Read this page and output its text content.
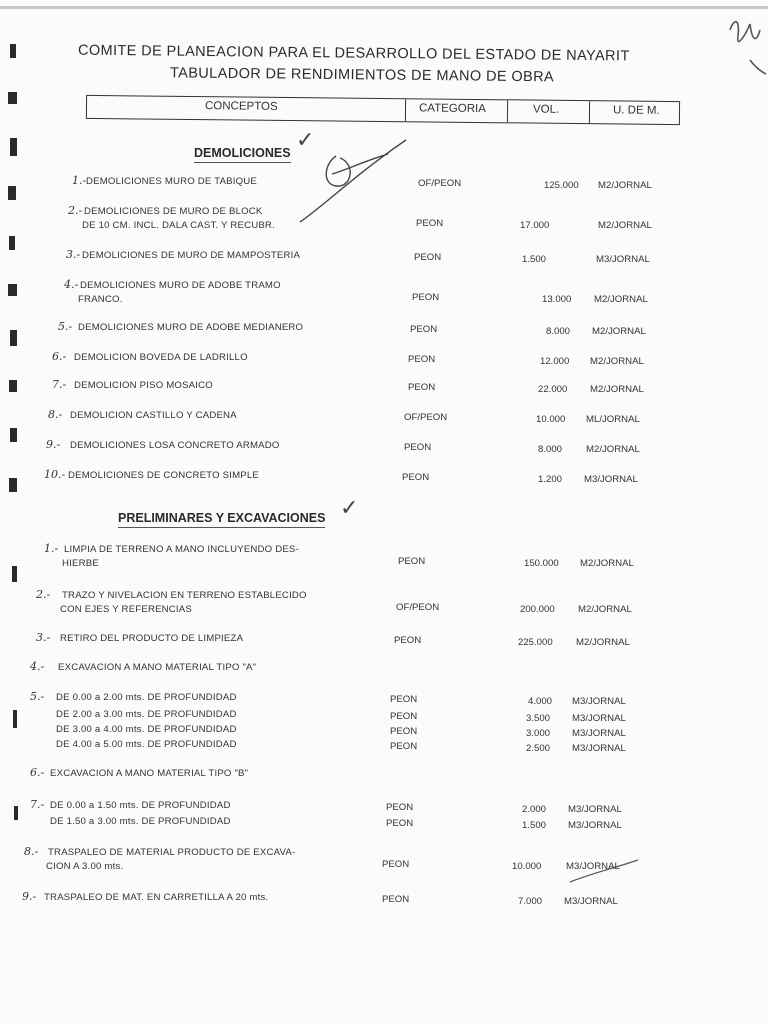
COMITE DE PLANEACION PARA EL DESARROLLO DEL ESTADO DE NAYARIT
TABULADOR DE RENDIMIENTOS DE MANO DE OBRA
CONCEPTOS	CATEGORIA	VOL.	U. DE M.
DEMOLICIONES ✓
PRELIMINARES Y EXCAVACIONES ✓
1.- DEMOLICIONES MURO DE TABIQUE	OF/PEON	125.000 M2/JORNAL
2.- DEMOLICIONES DE MURO DE BLOCK
DE 10 CM. INCL. DALA CAST. Y RECUBR.	PEON	17.000	M2/JORNAL
3.- DEMOLICIONES DE MURO DE MAMPOSTERIA	PEON	1.500	M3/JORNAL
4.- DEMOLICIONES MURO DE ADOBE TRAMO
FRANCO.	PEON	13.000 M2/JORNAL
5.- DEMOLICIONES MURO DE ADOBE MEDIANERO	PEON	8.000 M2/JORNAL
6.- DEMOLICION BOVEDA DE LADRILLO	PEON	12.000 M2/JORNAL
7.- DEMOLICION PISO MOSAICO	PEON	22.000 M2/JORNAL
8.- DEMOLICION CASTILLO Y CADENA	OF/PEON	10.000 ML/JORNAL
9.- DEMOLICIONES LOSA CONCRETO ARMADO	PEON	8.000 M2/JORNAL
10.- DEMOLICIONES DE CONCRETO SIMPLE	PEON	1.200 M3/JORNAL
1.- LIMPIA DE TERRENO A MANO INCLUYENDO DES-
HIERBE	PEON	150.000 M2/JORNAL
2.- TRAZO Y NIVELACION EN TERRENO ESTABLECIDO
CON EJES Y REFERENCIAS	OF/PEON	200.000 M2/JORNAL
3.- RETIRO DEL PRODUCTO DE LIMPIEZA	PEON	225.000 M2/JORNAL
4.- EXCAVACION A MANO MATERIAL TIPO "A"
5.- DE 0.00 a 2.00 mts. DE PROFUNDIDAD	PEON	4.000 M3/JORNAL
DE 2.00 a 3.00 mts. DE PROFUNDIDAD	PEON	3.500 M3/JORNAL
DE 3.00 a 4.00 mts. DE PROFUNDIDAD	PEON	3.000 M3/JORNAL
DE 4.00 a 5.00 mts. DE PROFUNDIDAD	PEON	2.500 M3/JORNAL
6.- EXCAVACION A MANO MATERIAL TIPO "B"
7.- DE 0.00 a 1.50 mts. DE PROFUNDIDAD	PEON	2.000 M3/JORNAL
DE 1.50 a 3.00 mts. DE PROFUNDIDAD	PEON	1.500 M3/JORNAL
8.- TRASPALEO DE MATERIAL PRODUCTO DE EXCAVA-
CION A 3.00 mts.	PEON	10.000	M3/JORNAL
9.- TRASPALEO DE MAT. EN CARRETILLA A 20 mts.	PEON	7.000 M3/JORNAL
